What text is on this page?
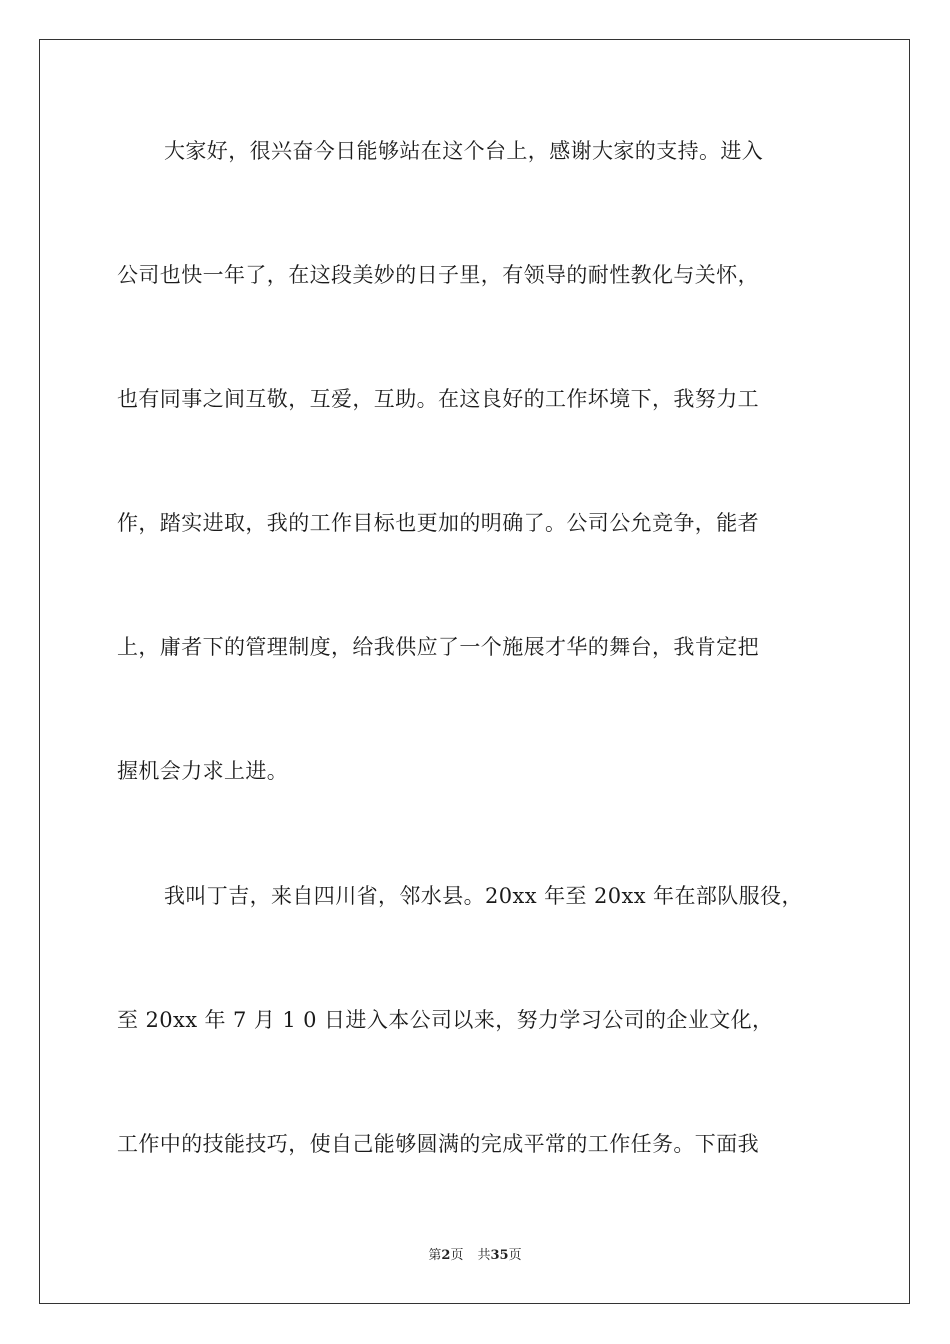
大家好，很兴奋今日能够站在这个台上，感谢大家的支持。进入
公司也快一年了，在这段美妙的日子里，有领导的耐性教化与关怀，
也有同事之间互敬，互爱，互助。在这良好的工作坏境下，我努力工
作，踏实进取，我的工作目标也更加的明确了。公司公允竞争，能者
上，庸者下的管理制度，给我供应了一个施展才华的舞台，我肯定把
握机会力求上进。
我叫丁吉，来自四川省，邻水县。20xx 年至 20xx 年在部队服役，
至 20xx 年 7 月 1 0 日进入本公司以来，努力学习公司的企业文化，
工作中的技能技巧，使自己能够圆满的完成平常的工作任务。下面我
第2页 共35页
